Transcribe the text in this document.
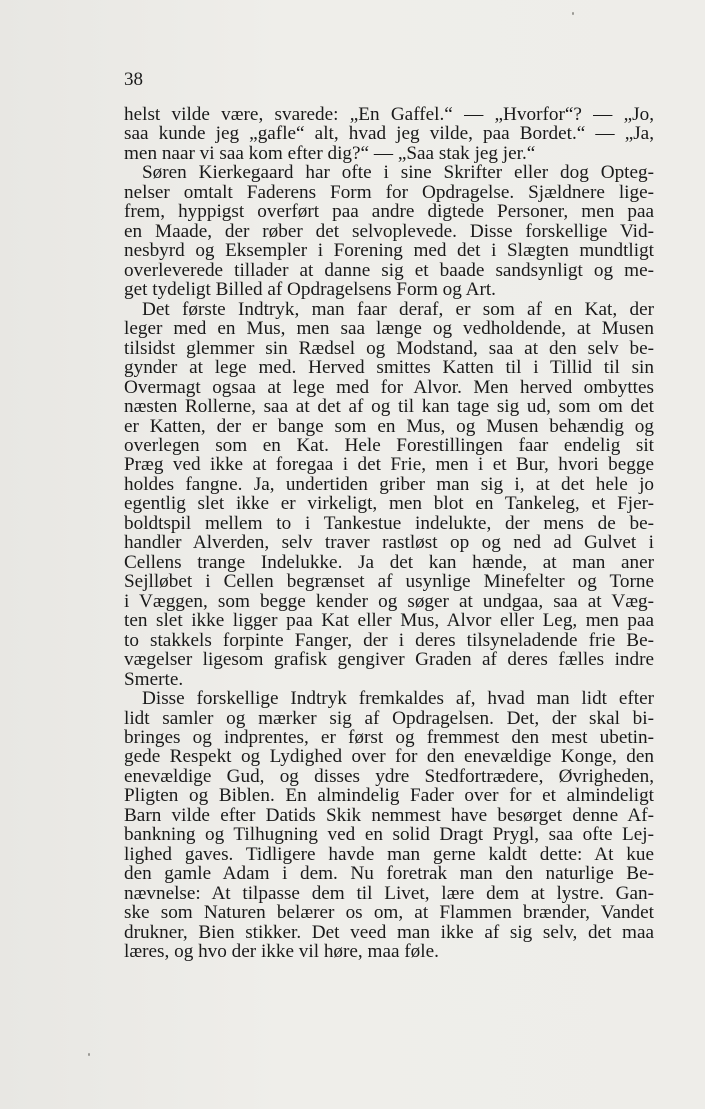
38
helst vilde være, svarede: „En Gaffel.“ — „Hvorfor“? — „Jo,
saa kunde jeg „gafle“ alt, hvad jeg vilde, paa Bordet.“ — „Ja,
men naar vi saa kom efter dig?“ — „Saa stak jeg jer.“
Søren Kierkegaard har ofte i sine Skrifter eller dog Opteg-
nelser omtalt Faderens Form for Opdragelse. Sjældnere lige-
frem, hyppigst overført paa andre digtede Personer, men paa
en Maade, der røber det selvoplevede. Disse forskellige Vid-
nesbyrd og Eksempler i Forening med det i Slægten mundtligt
overleverede tillader at danne sig et baade sandsynligt og me-
get tydeligt Billed af Opdragelsens Form og Art.
Det første Indtryk, man faar deraf, er som af en Kat, der
leger med en Mus, men saa længe og vedholdende, at Musen
tilsidst glemmer sin Rædsel og Modstand, saa at den selv be-
gynder at lege med. Herved smittes Katten til i Tillid til sin
Overmagt ogsaa at lege med for Alvor. Men herved ombyttes
næsten Rollerne, saa at det af og til kan tage sig ud, som om det
er Katten, der er bange som en Mus, og Musen behændig og
overlegen som en Kat. Hele Forestillingen faar endelig sit
Præg ved ikke at foregaa i det Frie, men i et Bur, hvori begge
holdes fangne. Ja, undertiden griber man sig i, at det hele jo
egentlig slet ikke er virkeligt, men blot en Tankeleg, et Fjer-
boldtspil mellem to i Tankestue indelukte, der mens de be-
handler Alverden, selv traver rastløst op og ned ad Gulvet i
Cellens trange Indelukke. Ja det kan hænde, at man aner
Sejlløbet i Cellen begrænset af usynlige Minefelter og Torne
i Væggen, som begge kender og søger at undgaa, saa at Væg-
ten slet ikke ligger paa Kat eller Mus, Alvor eller Leg, men paa
to stakkels forpinte Fanger, der i deres tilsyneladende frie Be-
vægelser ligesom grafisk gengiver Graden af deres fælles indre
Smerte.
Disse forskellige Indtryk fremkaldes af, hvad man lidt efter
lidt samler og mærker sig af Opdragelsen. Det, der skal bi-
bringes og indprentes, er først og fremmest den mest ubetin-
gede Respekt og Lydighed over for den enevældige Konge, den
enevældige Gud, og disses ydre Stedfortrædere, Øvrigheden,
Pligten og Biblen. En almindelig Fader over for et almindeligt
Barn vilde efter Datids Skik nemmest have besørget denne Af-
bankning og Tilhugning ved en solid Dragt Prygl, saa ofte Lej-
lighed gaves. Tidligere havde man gerne kaldt dette: At kue
den gamle Adam i dem. Nu foretrak man den naturlige Be-
nævnelse: At tilpasse dem til Livet, lære dem at lystre. Gan-
ske som Naturen belærer os om, at Flammen brænder, Vandet
drukner, Bien stikker. Det veed man ikke af sig selv, det maa
læres, og hvo der ikke vil høre, maa føle.
